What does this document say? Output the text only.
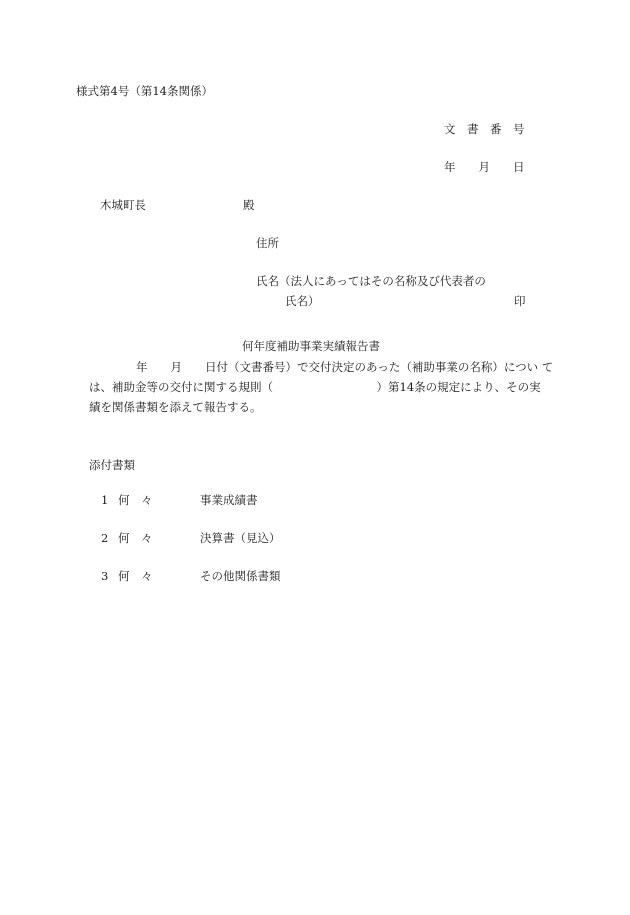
様式第4号（第14条関係）
文　書　番　号
年　　月　　日
木城町長	殿
住所
氏名（法人にあってはその名称及び代表者の
氏名）	印
何年度補助事業実績報告書
年　　月　　日付（文書番号）で交付決定のあった（補助事業の名称）につい て
は、補助金等の交付に関する規則（　　　　　　　　　）第14条の規定により、その実
績を関係書類を添えて報告する。
添付書類
1 何　々	事業成績書
2 何　々	決算書（見込）
3 何　々	その他関係書類
